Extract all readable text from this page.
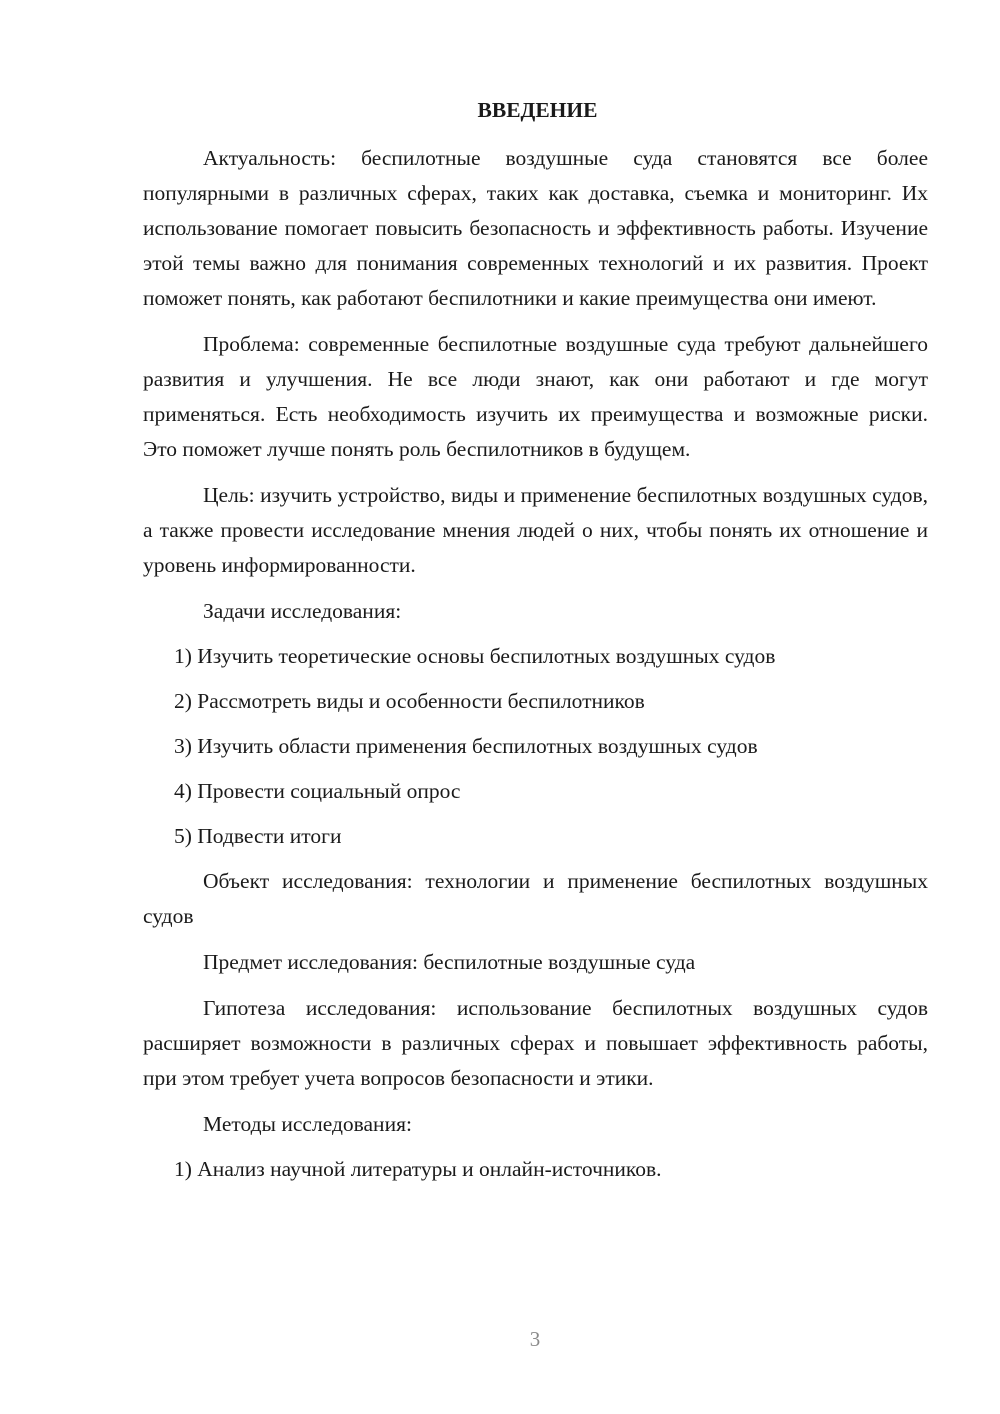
ВВЕДЕНИЕ

Актуальность: беспилотные воздушные суда становятся все более популярными в различных сферах, таких как доставка, съемка и мониторинг. Их использование помогает повысить безопасность и эффективность работы. Изучение этой темы важно для понимания современных технологий и их развития. Проект поможет понять, как работают беспилотники и какие преимущества они имеют.

Проблема: современные беспилотные воздушные суда требуют дальнейшего развития и улучшения. Не все люди знают, как они работают и где могут применяться. Есть необходимость изучить их преимущества и возможные риски. Это поможет лучше понять роль беспилотников в будущем.

Цель: изучить устройство, виды и применение беспилотных воздушных судов, а также провести исследование мнения людей о них, чтобы понять их отношение и уровень информированности.

Задачи исследования:

1) Изучить теоретические основы беспилотных воздушных судов

2) Рассмотреть виды и особенности беспилотников

3) Изучить области применения беспилотных воздушных судов

4) Провести социальный опрос

5) Подвести итоги

Объект исследования: технологии и применение беспилотных воздушных судов

Предмет исследования: беспилотные воздушные суда

Гипотеза исследования: использование беспилотных воздушных судов расширяет возможности в различных сферах и повышает эффективность работы, при этом требует учета вопросов безопасности и этики.

Методы исследования:

1) Анализ научной литературы и онлайн-источников.

3
